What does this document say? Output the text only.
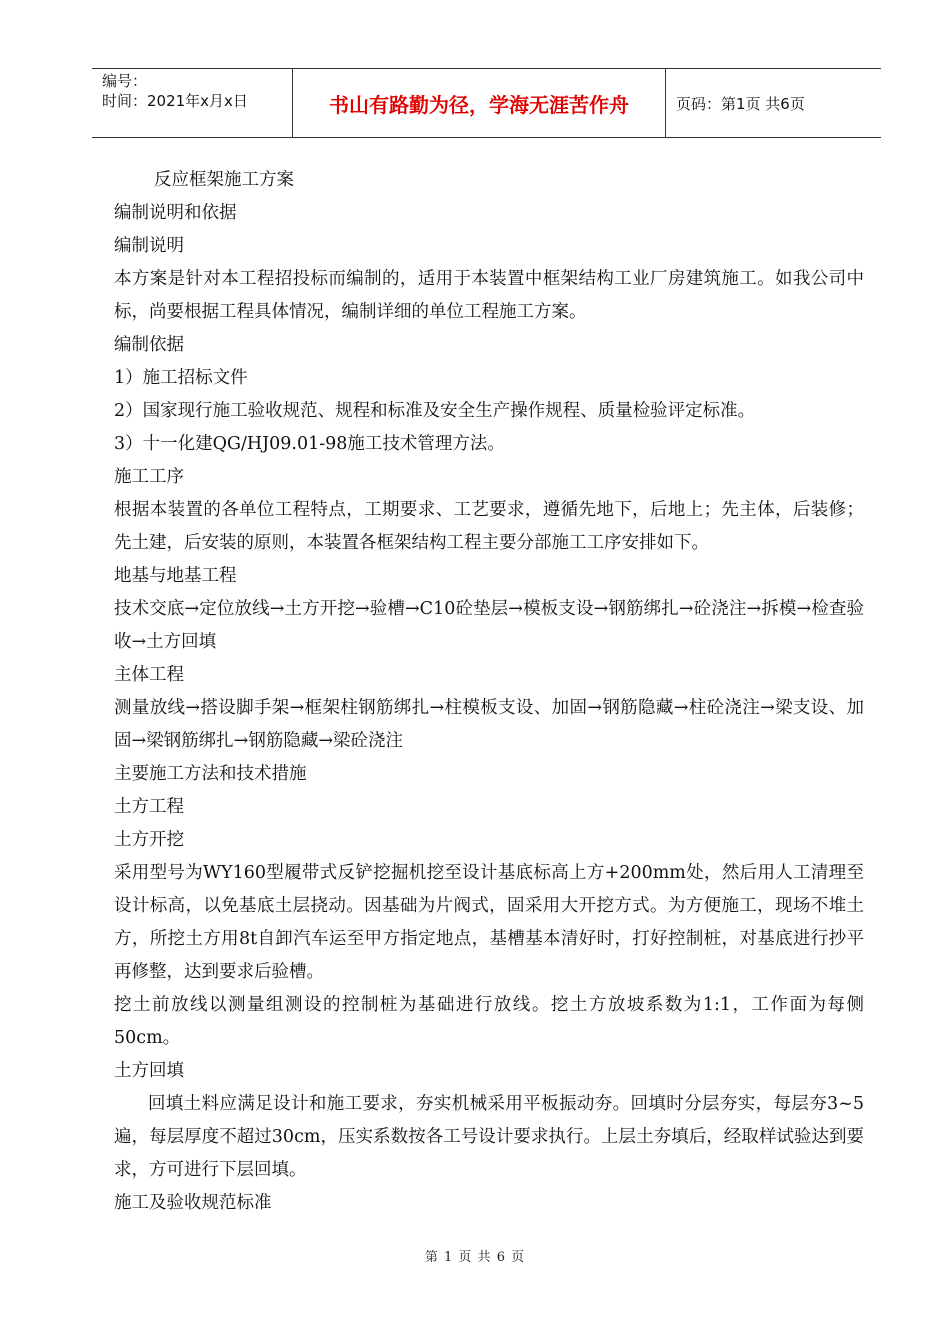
编号：
时间：2021年x月x日	书山有路勤为径，学海无涯苦作舟	页码：第1页 共6页
反应框架施工方案
编制说明和依据
编制说明
本方案是针对本工程招投标而编制的，适用于本装置中框架结构工业厂房建筑施工。如我公司中标，尚要根据工程具体情况，编制详细的单位工程施工方案。
编制依据
1）施工招标文件
2）国家现行施工验收规范、规程和标准及安全生产操作规程、质量检验评定标准。
3）十一化建QG/HJ09.01-98施工技术管理方法。
施工工序
根据本装置的各单位工程特点，工期要求、工艺要求，遵循先地下，后地上；先主体，后装修；先土建，后安装的原则，本装置各框架结构工程主要分部施工工序安排如下。
地基与地基工程
技术交底→定位放线→土方开挖→验槽→C10砼垫层→模板支设→钢筋绑扎→砼浇注→拆模→检查验收→土方回填
主体工程
测量放线→搭设脚手架→框架柱钢筋绑扎→柱模板支设、加固→钢筋隐藏→柱砼浇注→梁支设、加固→梁钢筋绑扎→钢筋隐藏→梁砼浇注
主要施工方法和技术措施
土方工程
土方开挖
采用型号为WY160型履带式反铲挖掘机挖至设计基底标高上方+200mm处，然后用人工清理至设计标高，以免基底土层挠动。因基础为片阀式，固采用大开挖方式。为方便施工，现场不堆土方，所挖土方用8t自卸汽车运至甲方指定地点，基槽基本清好时，打好控制桩，对基底进行抄平再修整，达到要求后验槽。
挖土前放线以测量组测设的控制桩为基础进行放线。挖土方放坡系数为1:1，工作面为每侧50cm。
土方回填
回填土料应满足设计和施工要求，夯实机械采用平板振动夯。回填时分层夯实，每层夯3~5遍，每层厚度不超过30cm，压实系数按各工号设计要求执行。上层土夯填后，经取样试验达到要求，方可进行下层回填。
施工及验收规范标准
第 1 页 共 6 页
